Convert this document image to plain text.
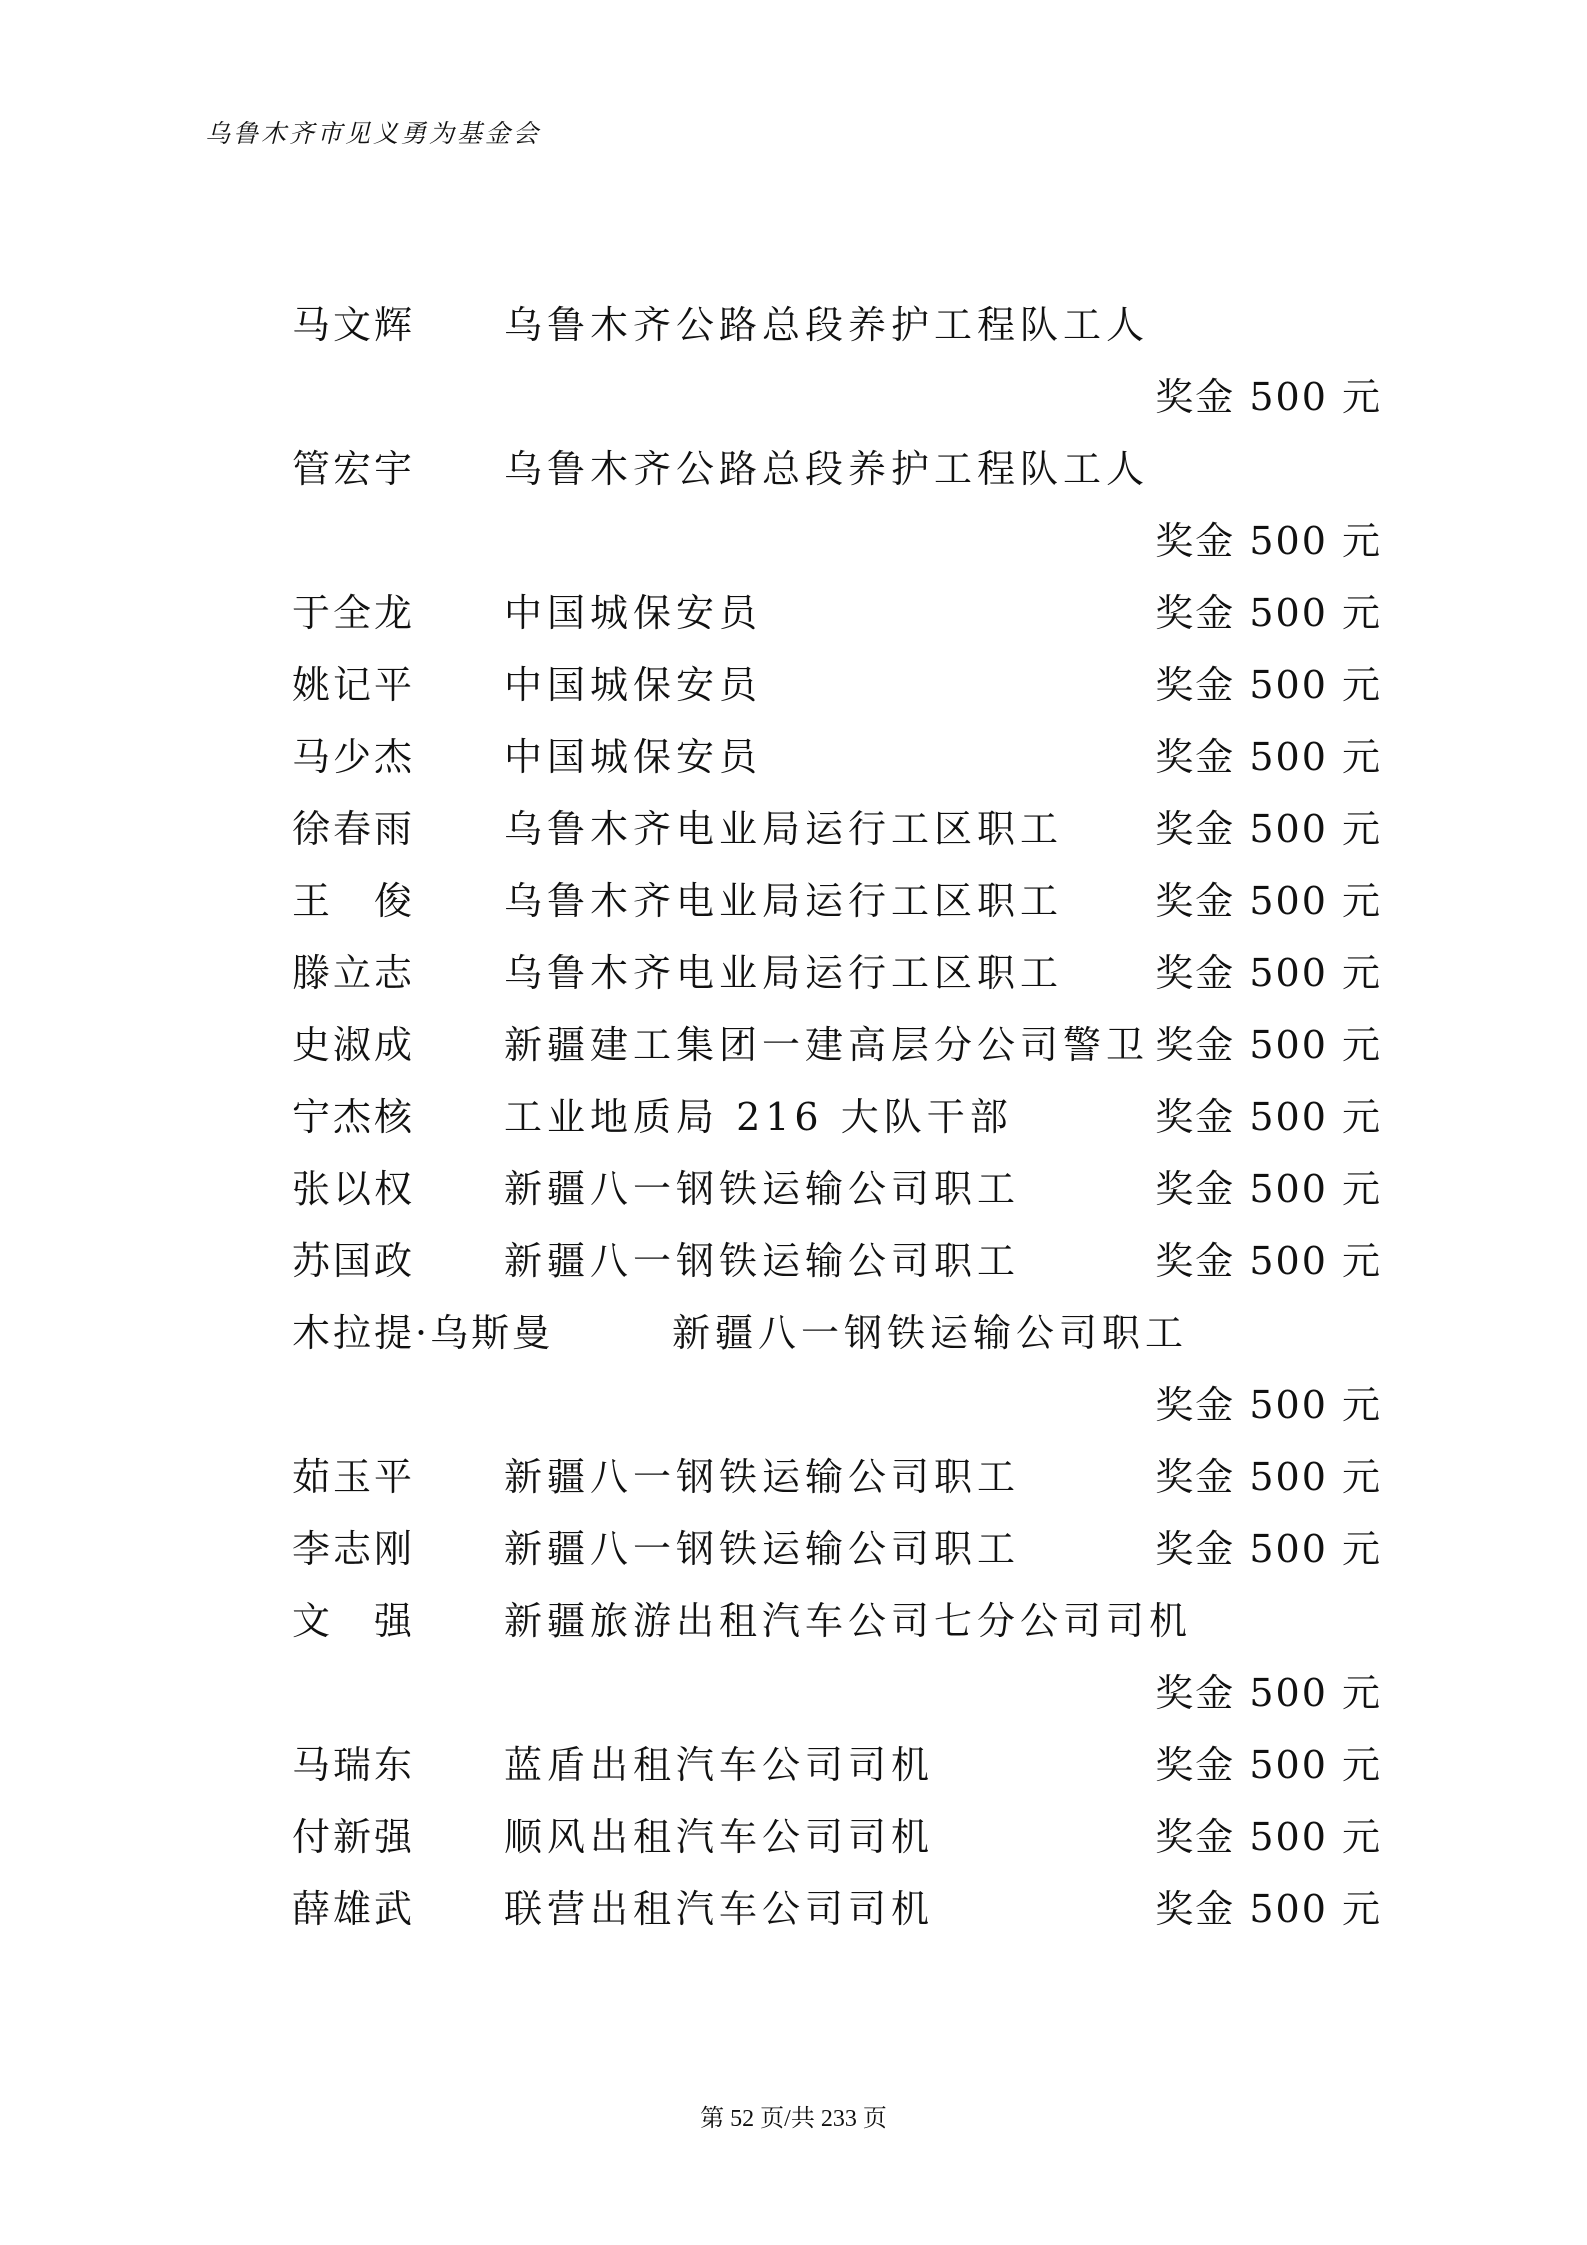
乌鲁木齐市见义勇为基金会
马文辉 乌鲁木齐公路总段养护工程队工人
奖金 500 元
管宏宇 乌鲁木齐公路总段养护工程队工人
奖金 500 元
于全龙 中国城保安员	奖金 500 元
姚记平 中国城保安员	奖金 500 元
马少杰 中国城保安员	奖金 500 元
徐春雨 乌鲁木齐电业局运行工区职工 奖金 500 元
王　俊 乌鲁木齐电业局运行工区职工 奖金 500 元
滕立志 乌鲁木齐电业局运行工区职工 奖金 500 元
史淑成 新疆建工集团一建高层分公司警卫 奖金 500 元
宁杰核 工业地质局 216 大队干部	奖金 500 元
张以权 新疆八一钢铁运输公司职工	奖金 500 元
苏国政 新疆八一钢铁运输公司职工	奖金 500 元
木拉提·乌斯曼	新疆八一钢铁运输公司职工
奖金 500 元
茹玉平 新疆八一钢铁运输公司职工	奖金 500 元
李志刚 新疆八一钢铁运输公司职工	奖金 500 元
文　强 新疆旅游出租汽车公司七分公司司机
奖金 500 元
马瑞东 蓝盾出租汽车公司司机	奖金 500 元
付新强 顺风出租汽车公司司机	奖金 500 元
薛雄武 联营出租汽车公司司机	奖金 500 元
第 52 页/共 233 页
